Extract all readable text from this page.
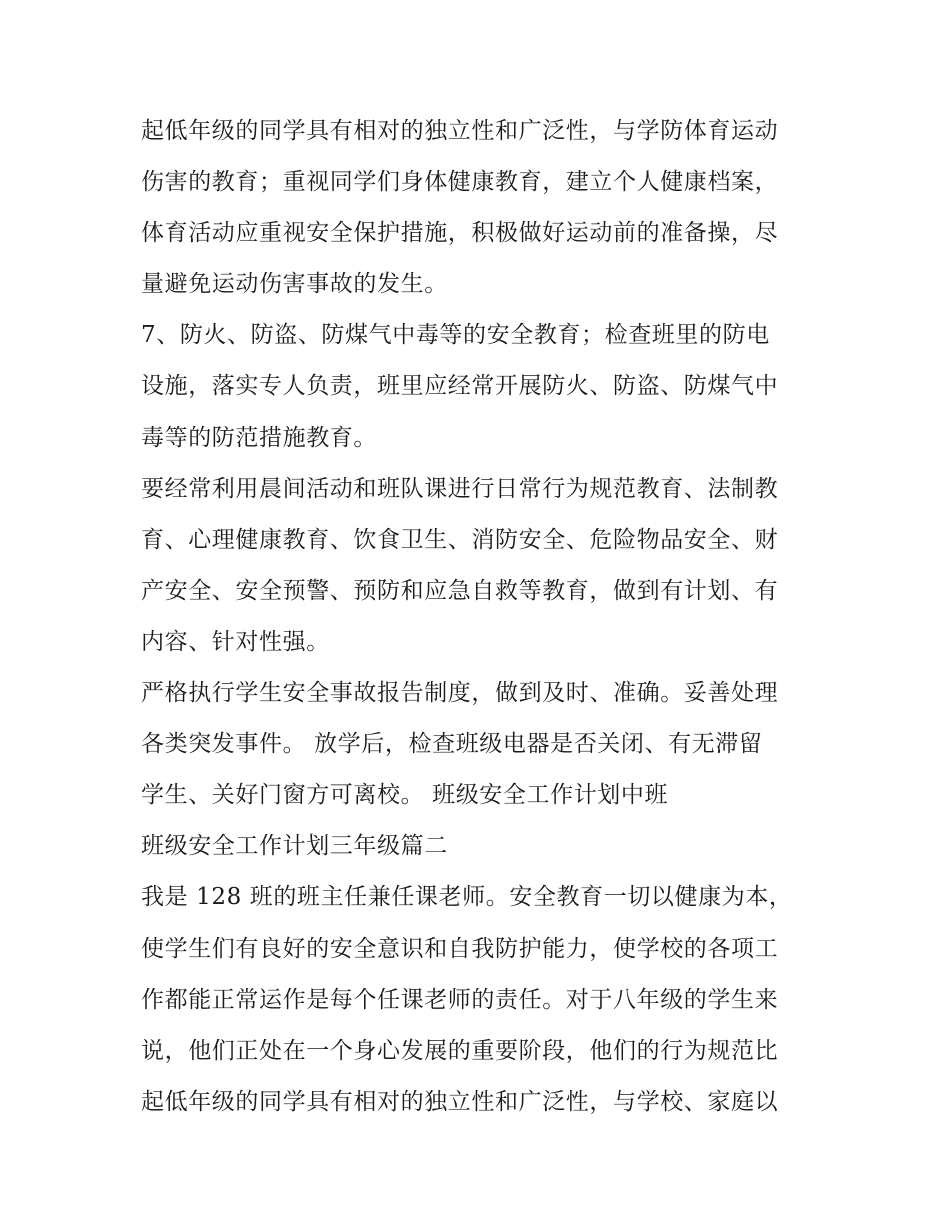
起低年级的同学具有相对的独立性和广泛性，与学防体育运动
伤害的教育；重视同学们身体健康教育，建立个人健康档案，
体育活动应重视安全保护措施，积极做好运动前的准备操，尽
量避免运动伤害事故的发生。
7、防火、防盗、防煤气中毒等的安全教育；检查班里的防电
设施，落实专人负责，班里应经常开展防火、防盗、防煤气中
毒等的防范措施教育。
要经常利用晨间活动和班队课进行日常行为规范教育、法制教
育、心理健康教育、饮食卫生、消防安全、危险物品安全、财
产安全、安全预警、预防和应急自救等教育，做到有计划、有
内容、针对性强。
严格执行学生安全事故报告制度，做到及时、准确。妥善处理
各类突发事件。 放学后，检查班级电器是否关闭、有无滞留
学生、关好门窗方可离校。 班级安全工作计划中班
班级安全工作计划三年级篇二
我是 128 班的班主任兼任课老师。安全教育一切以健康为本，
使学生们有良好的安全意识和自我防护能力，使学校的各项工
作都能正常运作是每个任课老师的责任。对于八年级的学生来
说，他们正处在一个身心发展的重要阶段，他们的行为规范比
起低年级的同学具有相对的独立性和广泛性，与学校、家庭以
